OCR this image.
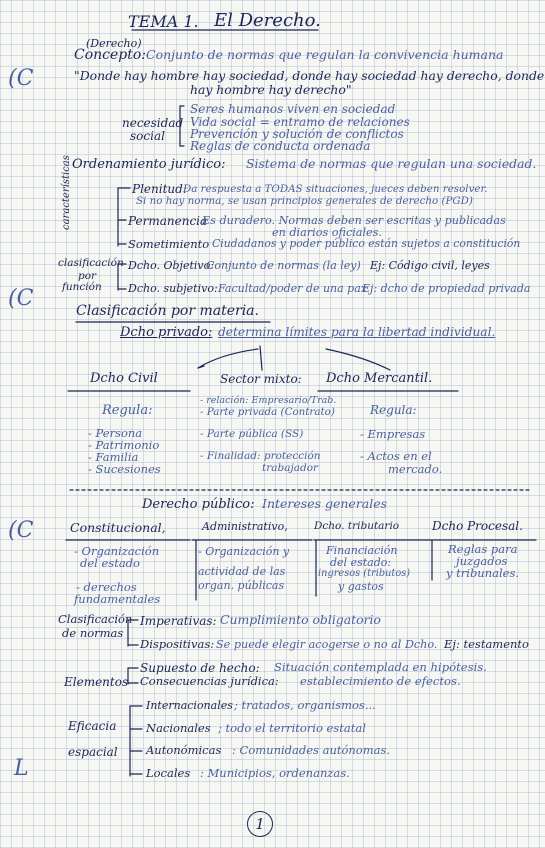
(C
(C
(C
L
TEMA 1. El Derecho.
(Derecho)
Concepto: Conjunto de normas que regulan la convivencia humana
"Donde hay hombre hay sociedad, donde hay sociedad hay derecho, donde
hay hombre hay derecho"
necesidad
social
Seres humanos viven en sociedad
Vida social = entramo de relaciones
Prevención y solución de conflictos
Reglas de conducta ordenada
Ordenamiento jurídico: Sistema de normas que regulan una sociedad.
características	Plenitud:
Da respuesta a TODAS situaciones, jueces deben resolver.
Si no hay norma, se usan principios generales de derecho (PGD)
Permanencia
Es duradero. Normas deben ser escritas y publicadas
en diarios oficiales.
Sometimiento Ciudadanos y poder público están sujetos a constitución
clasificación
por
función
Dcho. Objetivo:
Conjunto de normas (la ley) Ej: Código civil, leyes
Dcho. subjetivo: Facultad/poder de una pax
Ej: dcho de propiedad privada
Clasificación por materia.
Dcho privado: determina límites para la libertad individual.
Dcho Civil
Regula:
- Persona
- Patrimonio
- Familia
- Sucesiones
Sector mixto:
- relación: Empresario/Trab.
- Parte privada (Contrato)
- Parte pública (SS)
- Finalidad: protección
trabajador
Dcho Mercantil.
Regula:
- Empresas
- Actos en el
mercado.
Derecho público: Intereses generales
Constitucional,
- Organización
del estado
- derechos
fundamentales
Administrativo,
- Organización y
actividad de las
organ. públicas
Dcho. tributario
Financiación
del estado:
ingresos (tributos)
y gastos
Dcho Procesal.
Reglas para
juzgados
y tribunales.
Clasificación
de normas
Imperativas: Cumplimiento obligatorio
Dispositivas: Se puede elegir acogerse o no al Dcho. Ej: testamento
Elementos
Supuesto de hecho: Situación contemplada en hipótesis.
Consecuencias jurídica: establecimiento de efectos.
Eficacia
espacial
Internacionales ; tratados, organismos...
Nacionales ; todo el territorio estatal
Autonómicas : Comunidades autónomas.
Locales : Municipios, ordenanzas.
1
